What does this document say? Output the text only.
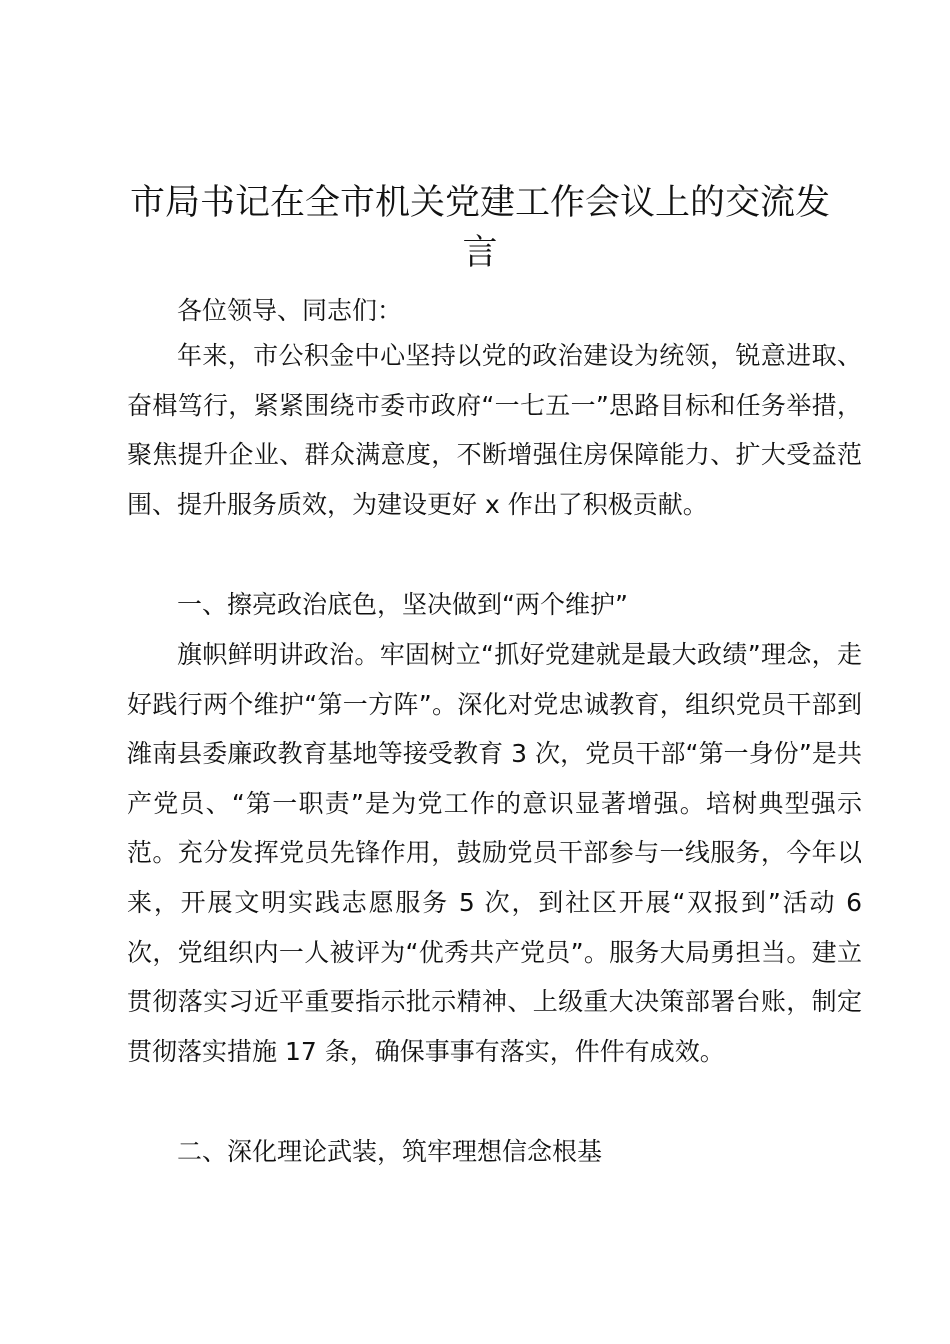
市局书记在全市机关党建工作会议上的交流发言

各位领导、同志们：

年来，市公积金中心坚持以党的政治建设为统领，锐意进取、奋楫笃行，紧紧围绕市委市政府“一七五一”思路目标和任务举措，聚焦提升企业、群众满意度，不断增强住房保障能力、扩大受益范围、提升服务质效，为建设更好 x 作出了积极贡献。

一、擦亮政治底色，坚决做到“两个维护”

旗帜鲜明讲政治。牢固树立“抓好党建就是最大政绩”理念，走好践行两个维护“第一方阵”。深化对党忠诚教育，组织党员干部到潍南县委廉政教育基地等接受教育 3 次，党员干部“第一身份”是共产党员、“第一职责”是为党工作的意识显著增强。培树典型强示范。充分发挥党员先锋作用，鼓励党员干部参与一线服务，今年以来，开展文明实践志愿服务 5 次，到社区开展“双报到”活动 6 次，党组织内一人被评为“优秀共产党员”。服务大局勇担当。建立贯彻落实习近平重要指示批示精神、上级重大决策部署台账，制定贯彻落实措施 17 条，确保事事有落实，件件有成效。

二、深化理论武装，筑牢理想信念根基
